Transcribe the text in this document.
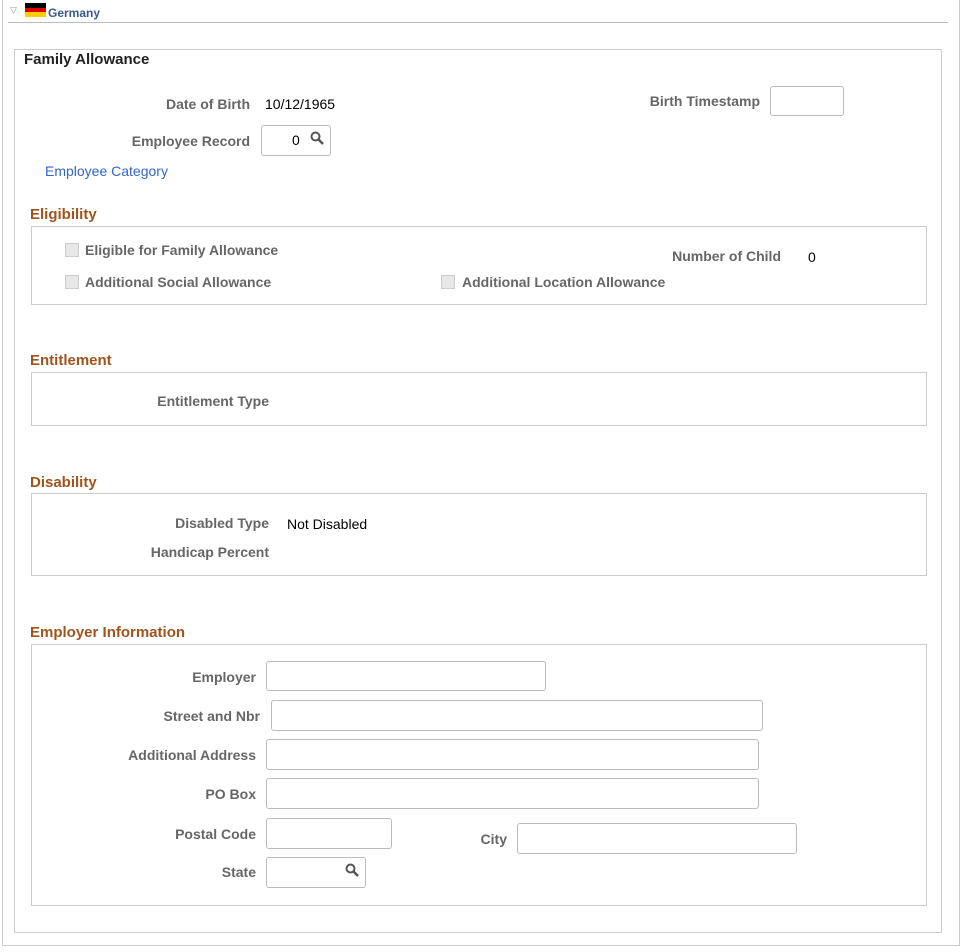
▽	Germany
Family Allowance
Date of Birth 10/12/1965	Birth Timestamp
Employee Record	0
Employee Category
Eligibility
Eligible for Family Allowance
Additional Social Allowance	Additional Location Allowance
Number of Child 0
Entitlement
Entitlement Type
Disability
Disabled Type Not Disabled
Handicap Percent
Employer Information
Employer
Street and Nbr
Additional Address
PO Box
Postal Code	City
State
